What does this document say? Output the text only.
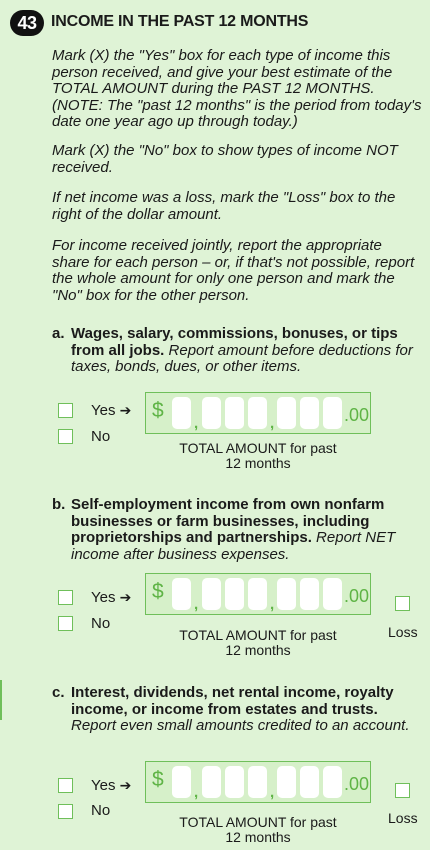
43 INCOME IN THE PAST 12 MONTHS
Mark (X) the "Yes" box for each type of income this person received, and give your best estimate of the TOTAL AMOUNT during the PAST 12 MONTHS. (NOTE: The "past 12 months" is the period from today's date one year ago up through today.)
Mark (X) the "No" box to show types of income NOT received.
If net income was a loss, mark the "Loss" box to the right of the dollar amount.
For income received jointly, report the appropriate share for each person – or, if that's not possible, report the whole amount for only one person and mark the "No" box for the other person.
a. Wages, salary, commissions, bonuses, or tips from all jobs. Report amount before deductions for taxes, bonds, dues, or other items.
Yes ➔
No
$
,	,	.00
TOTAL AMOUNT for past
12 months
b. Self-employment income from own nonfarm businesses or farm businesses, including proprietorships and partnerships. Report NET income after business expenses.
Yes ➔
No
$
,	,	.00
Loss
TOTAL AMOUNT for past
12 months
c. Interest, dividends, net rental income, royalty income, or income from estates and trusts. Report even small amounts credited to an account.
Yes ➔
No
$
,	,	.00
Loss
TOTAL AMOUNT for past
12 months
